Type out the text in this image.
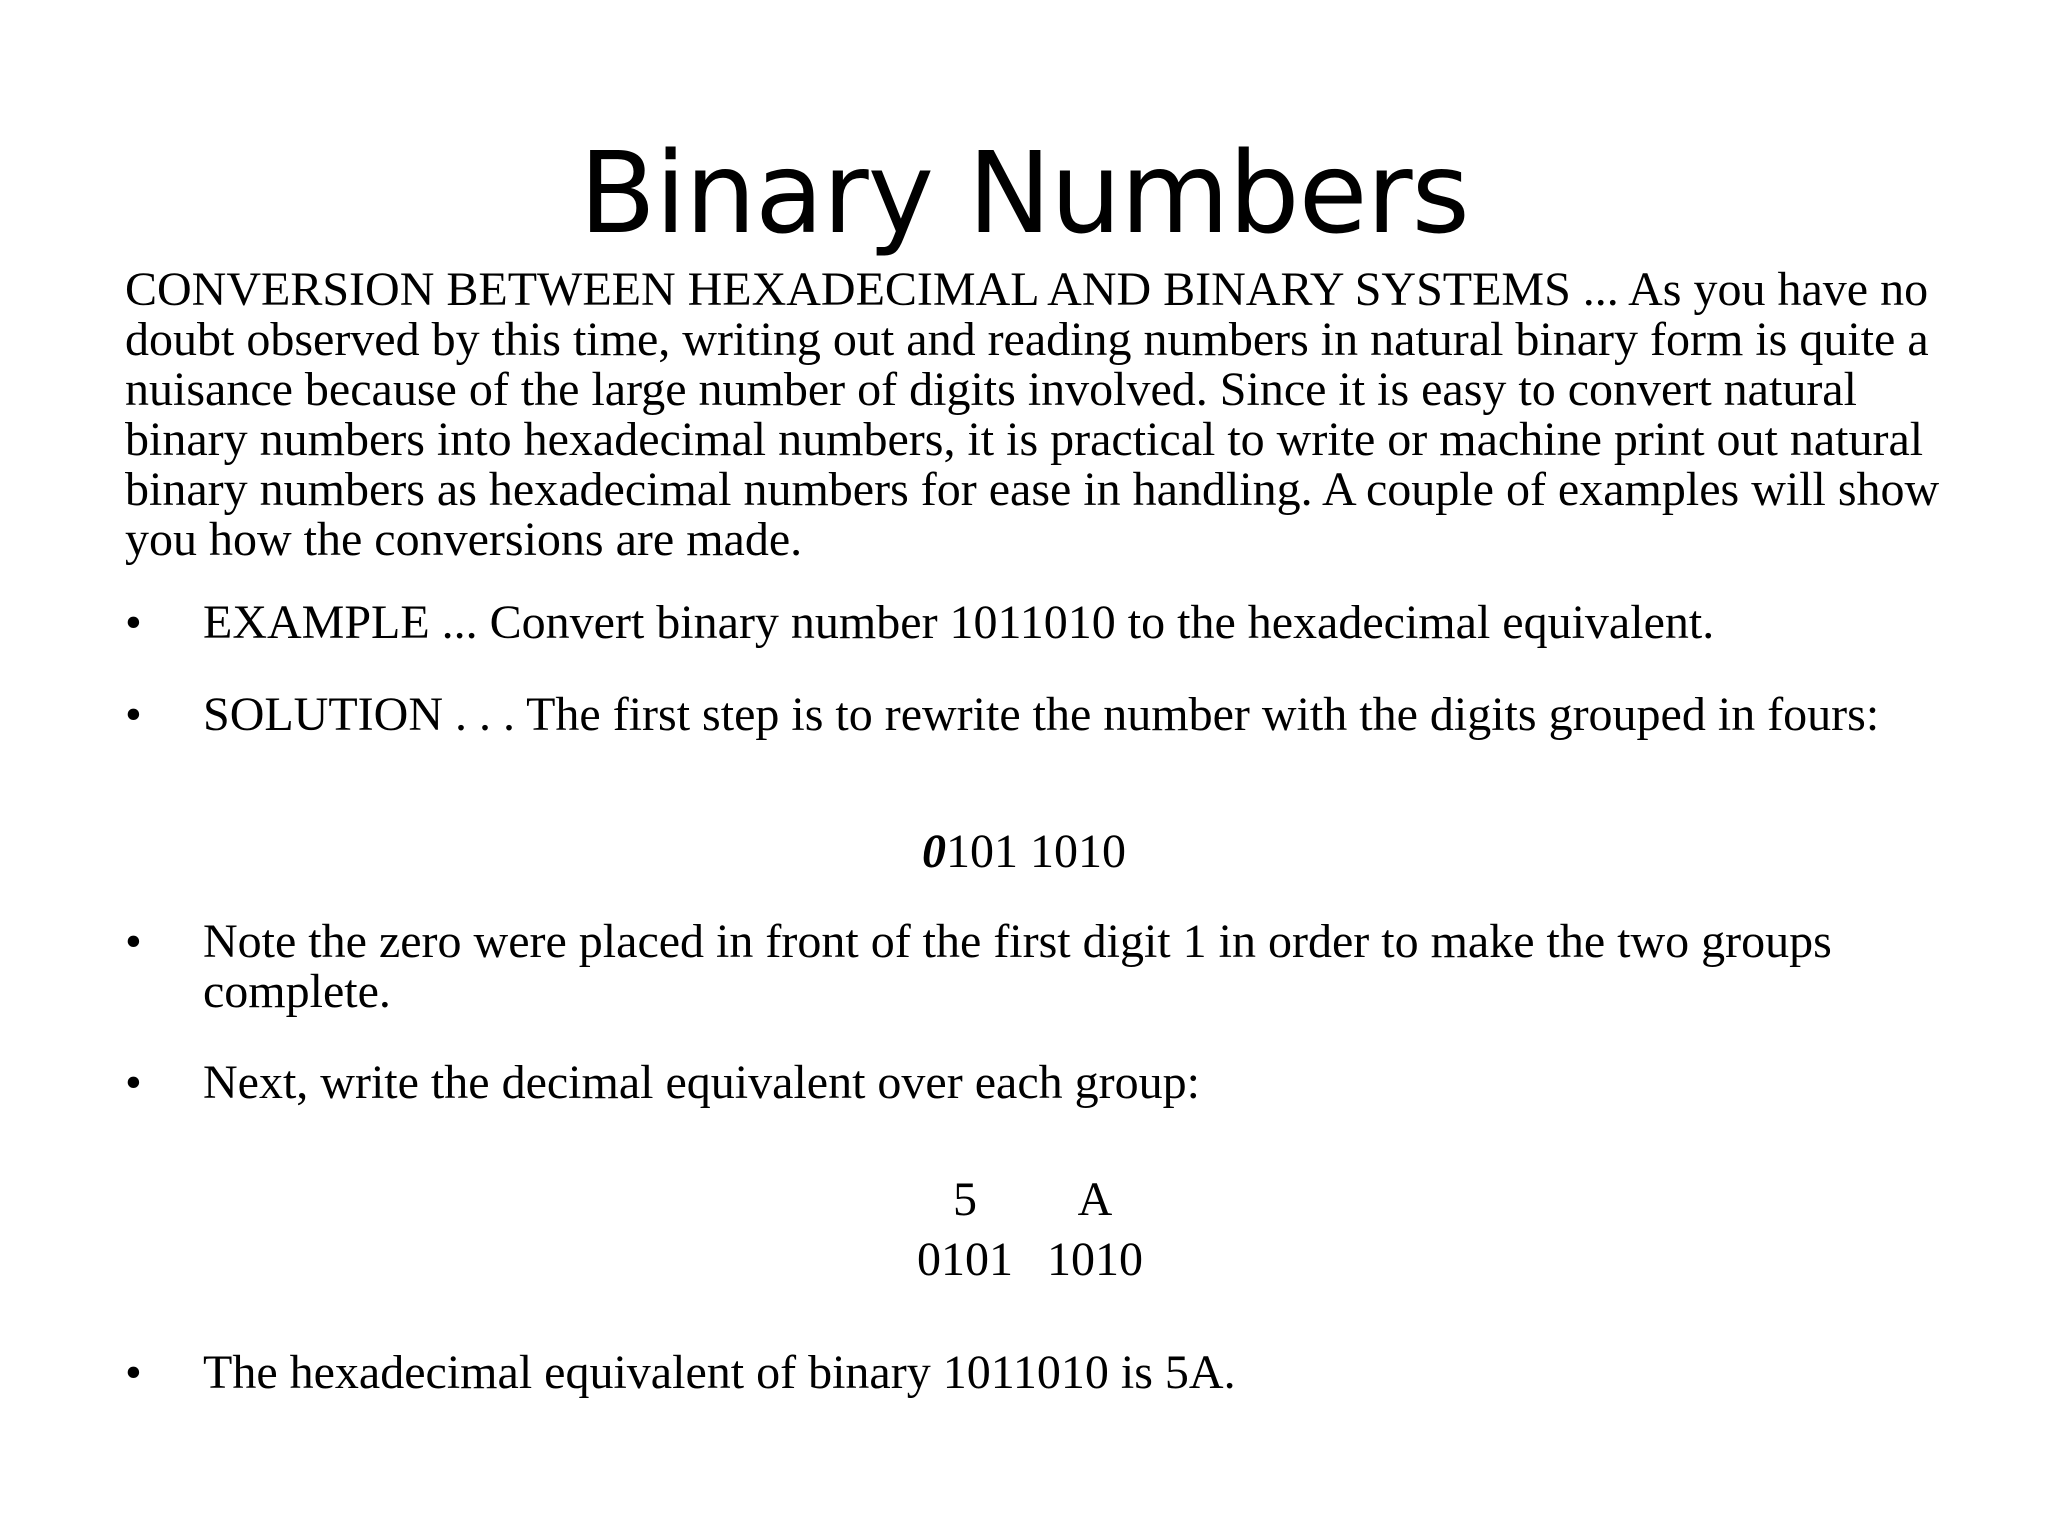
Binary Numbers

CONVERSION BETWEEN HEXADECIMAL AND BINARY SYSTEMS ... As you have no doubt observed by this time, writing out and reading numbers in natural binary form is quite a nuisance because of the large number of digits involved. Since it is easy to convert natural binary numbers into hexadecimal numbers, it is practical to write or machine print out natural binary numbers as hexadecimal numbers for ease in handling. A couple of examples will show you how the conversions are made.

•	EXAMPLE ... Convert binary number 1011010 to the hexadecimal equivalent.
•	SOLUTION . . . The first step is to rewrite the number with the digits grouped in fours:
0101 1010
•	Note the zero were placed in front of the first digit 1 in order to make the two groups complete.
•	Next, write the decimal equivalent over each group:
5	A
0101 1010
•	The hexadecimal equivalent of binary 1011010 is 5A.
